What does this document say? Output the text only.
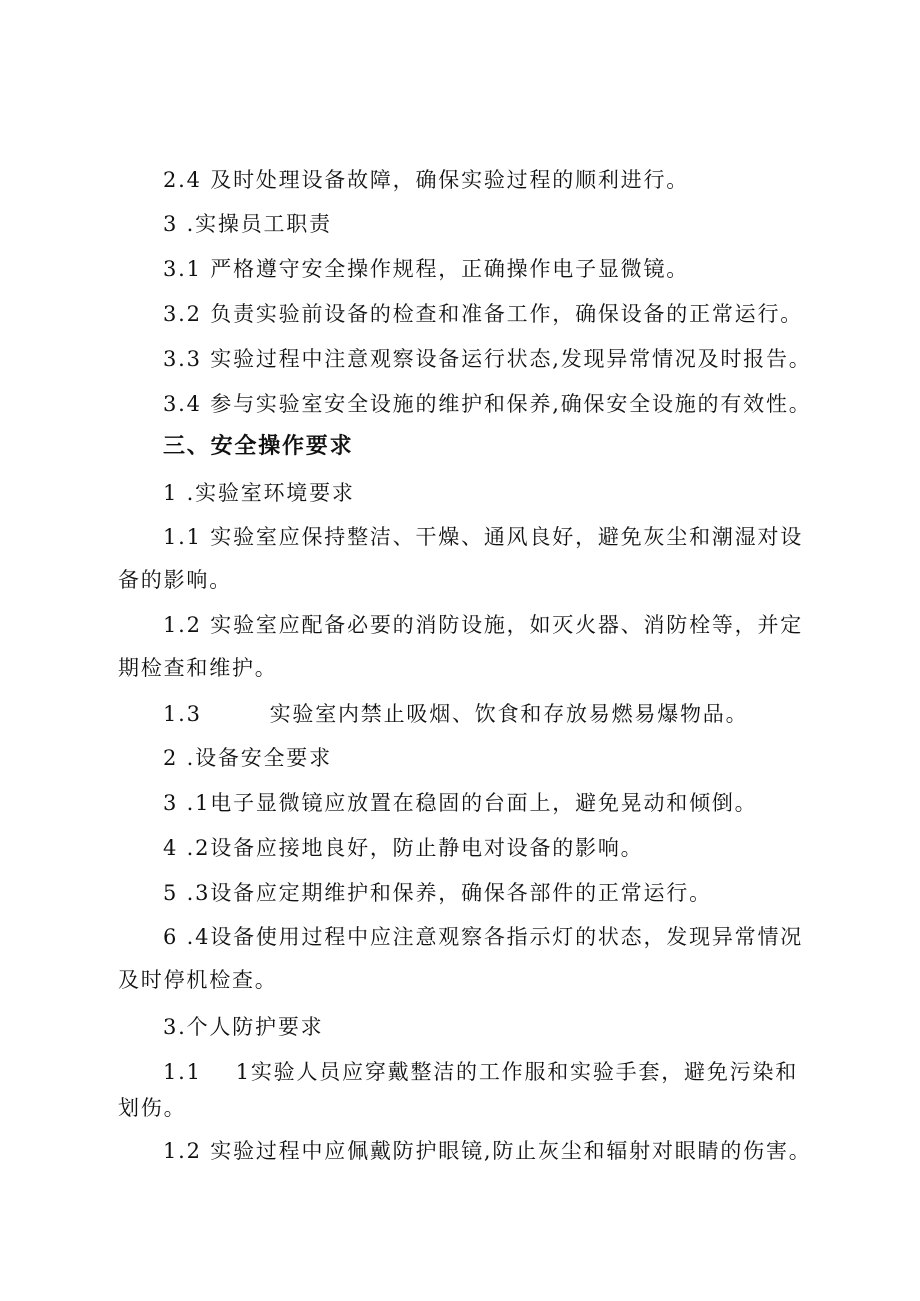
2.4 及时处理设备故障，确保实验过程的顺利进行。
3 .实操员工职责
3.1 严格遵守安全操作规程，正确操作电子显微镜。
3.2 负责实验前设备的检查和准备工作，确保设备的正常运行。
3.3 实验过程中注意观察设备运行状态,发现异常情况及时报告。
3.4 参与实验室安全设施的维护和保养,确保安全设施的有效性。
三、安全操作要求
1 .实验室环境要求
1.1 实验室应保持整洁、干燥、通风良好，避免灰尘和潮湿对设
备的影响。
1.2 实验室应配备必要的消防设施，如灭火器、消防栓等，并定
期检查和维护。
1.3        实验室内禁止吸烟、饮食和存放易燃易爆物品。
2 .设备安全要求
3 .1电子显微镜应放置在稳固的台面上，避免晃动和倾倒。
4 .2设备应接地良好，防止静电对设备的影响。
5 .3设备应定期维护和保养，确保各部件的正常运行。
6 .4设备使用过程中应注意观察各指示灯的状态，发现异常情况
及时停机检查。
3.个人防护要求
1.1    1实验人员应穿戴整洁的工作服和实验手套，避免污染和
划伤。
1.2 实验过程中应佩戴防护眼镜,防止灰尘和辐射对眼睛的伤害。
